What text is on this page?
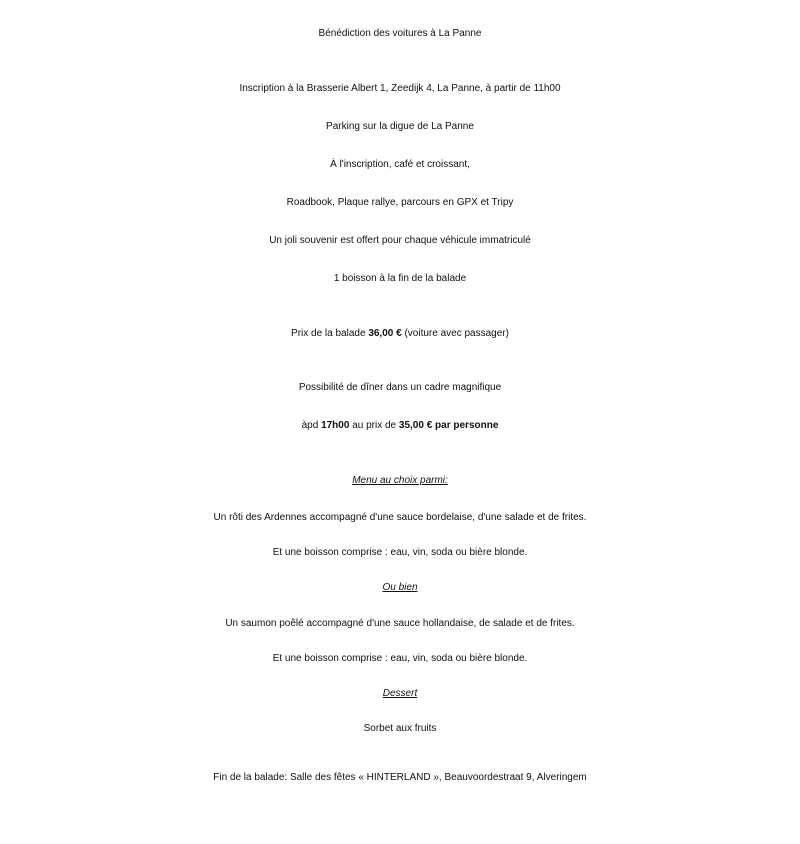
Bénédiction des voitures à La Panne
Inscription à la Brasserie Albert 1, Zeedijk 4, La Panne, à partir de 11h00
Parking sur la digue de La Panne
À l'inscription, café et croissant,
Roadbook, Plaque rallye, parcours en GPX et Tripy
Un joli souvenir est offert pour chaque véhicule immatriculé
1 boisson à la fin de la balade
Prix de la balade 36,00 € (voiture avec passager)
Possibilité de dîner dans un cadre magnifique
àpd 17h00 au prix de 35,00 € par personne
Menu au choix parmi:
Un rôti des Ardennes accompagné d'une sauce bordelaise, d'une salade et de frites.
Et une boisson comprise : eau, vin, soda ou bière blonde.
Ou bien
Un saumon poêlé accompagné d'une sauce hollandaise, de salade et de frites.
Et une boisson comprise : eau, vin, soda ou bière blonde.
Dessert
Sorbet aux fruits
Fin de la balade: Salle des fêtes « HINTERLAND », Beauvoordestraat 9, Alveringem
